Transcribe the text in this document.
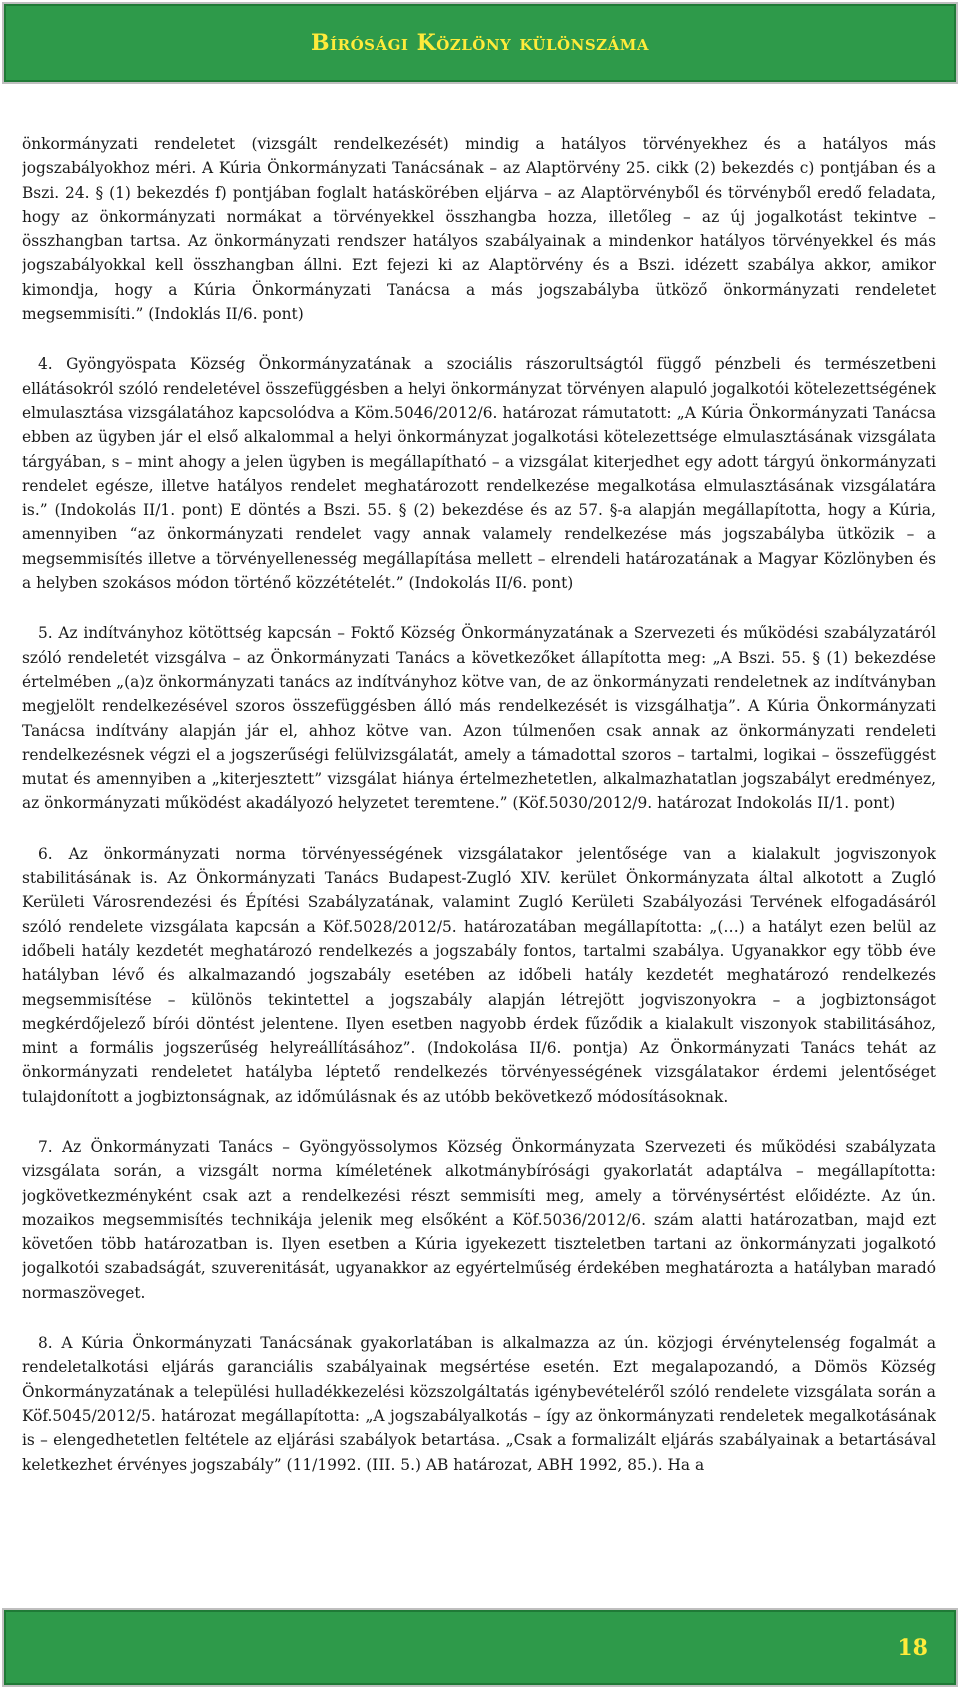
Bírósági Közlöny különszáma

önkormányzati rendeletet (vizsgált rendelkezését) mindig a hatályos törvényekhez és a hatályos más jogszabályokhoz méri. A Kúria Önkormányzati Tanácsának – az Alaptörvény 25. cikk (2) bekezdés c) pontjában és a Bszi. 24. § (1) bekezdés f) pontjában foglalt hatáskörében eljárva – az Alaptörvényből és törvényből eredő feladata, hogy az önkormányzati normákat a törvényekkel összhangba hozza, illetőleg – az új jogalkotást tekintve – összhangban tartsa. Az önkormányzati rendszer hatályos szabályainak a mindenkor hatályos törvényekkel és más jogszabályokkal kell összhangban állni. Ezt fejezi ki az Alaptörvény és a Bszi. idézett szabálya akkor, amikor kimondja, hogy a Kúria Önkormányzati Tanácsa a más jogszabályba ütköző önkormányzati rendeletet megsemmisíti.” (Indoklás II/6. pont)

4. Gyöngyöspata Község Önkormányzatának a szociális rászorultságtól függő pénzbeli és természetbeni ellátásokról szóló rendeletével összefüggésben a helyi önkormányzat törvényen alapuló jogalkotói kötelezettségének elmulasztása vizsgálatához kapcsolódva a Köm.5046/2012/6. határozat rámutatott: „A Kúria Önkormányzati Tanácsa ebben az ügyben jár el első alkalommal a helyi önkormányzat jogalkotási kötelezettsége elmulasztásának vizsgálata tárgyában, s – mint ahogy a jelen ügyben is megállapítható – a vizsgálat kiterjedhet egy adott tárgyú önkormányzati rendelet egésze, illetve hatályos rendelet meghatározott rendelkezése megalkotása elmulasztásának vizsgálatára is.” (Indokolás II/1. pont) E döntés a Bszi. 55. § (2) bekezdése és az 57. §-a alapján megállapította, hogy a Kúria, amennyiben “az önkormányzati rendelet vagy annak valamely rendelkezése más jogszabályba ütközik – a megsemmisítés illetve a törvényellenesség megállapítása mellett – elrendeli határozatának a Magyar Közlönyben és a helyben szokásos módon történő közzétételét.” (Indokolás II/6. pont)

5. Az indítványhoz kötöttség kapcsán – Foktő Község Önkormányzatának a Szervezeti és működési szabályzatáról szóló rendeletét vizsgálva – az Önkormányzati Tanács a következőket állapította meg: „A Bszi. 55. § (1) bekezdése értelmében „(a)z önkormányzati tanács az indítványhoz kötve van, de az önkormányzati rendeletnek az indítványban megjelölt rendelkezésével szoros összefüggésben álló más rendelkezését is vizsgálhatja”. A Kúria Önkormányzati Tanácsa indítvány alapján jár el, ahhoz kötve van. Azon túlmenően csak annak az önkormányzati rendeleti rendelkezésnek végzi el a jogszerűségi felülvizsgálatát, amely a támadottal szoros – tartalmi, logikai – összefüggést mutat és amennyiben a „kiterjesztett” vizsgálat hiánya értelmezhetetlen, alkalmazhatatlan jogszabályt eredményez, az önkormányzati működést akadályozó helyzetet teremtene.” (Köf.5030/2012/9. határozat Indokolás II/1. pont)

6. Az önkormányzati norma törvényességének vizsgálatakor jelentősége van a kialakult jogviszonyok stabilitásának is. Az Önkormányzati Tanács Budapest-Zugló XIV. kerület Önkormányzata által alkotott a Zugló Kerületi Városrendezési és Építési Szabályzatának, valamint Zugló Kerületi Szabályozási Tervének elfogadásáról szóló rendelete vizsgálata kapcsán a Köf.5028/2012/5. határozatában megállapította: „(…) a hatályt ezen belül az időbeli hatály kezdetét meghatározó rendelkezés a jogszabály fontos, tartalmi szabálya. Ugyanakkor egy több éve hatályban lévő és alkalmazandó jogszabály esetében az időbeli hatály kezdetét meghatározó rendelkezés megsemmisítése – különös tekintettel a jogszabály alapján létrejött jogviszonyokra – a jogbiztonságot megkérdőjelező bírói döntést jelentene. Ilyen esetben nagyobb érdek fűződik a kialakult viszonyok stabilitásához, mint a formális jogszerűség helyreállításához”. (Indokolása II/6. pontja) Az Önkormányzati Tanács tehát az önkormányzati rendeletet hatályba léptető rendelkezés törvényességének vizsgálatakor érdemi jelentőséget tulajdonított a jogbiztonságnak, az időmúlásnak és az utóbb bekövetkező módosításoknak.

7. Az Önkormányzati Tanács – Gyöngyössolymos Község Önkormányzata Szervezeti és működési szabályzata vizsgálata során, a vizsgált norma kíméletének alkotmánybírósági gyakorlatát adaptálva – megállapította: jogkövetkezményként csak azt a rendelkezési részt semmisíti meg, amely a törvénysértést előidézte. Az ún. mozaikos megsemmisítés technikája jelenik meg elsőként a Köf.5036/2012/6. szám alatti határozatban, majd ezt követően több határozatban is. Ilyen esetben a Kúria igyekezett tiszteletben tartani az önkormányzati jogalkotó jogalkotói szabadságát, szuverenitását, ugyanakkor az egyértelműség érdekében meghatározta a hatályban maradó normaszöveget.

8. A Kúria Önkormányzati Tanácsának gyakorlatában is alkalmazza az ún. közjogi érvénytelenség fogalmát a rendeletalkotási eljárás garanciális szabályainak megsértése esetén. Ezt megalapozandó, a Dömös Község Önkormányzatának a települési hulladékkezelési közszolgáltatás igénybevételéről szóló rendelete vizsgálata során a Köf.5045/2012/5. határozat megállapította: „A jogszabályalkotás – így az önkormányzati rendeletek megalkotásának is – elengedhetetlen feltétele az eljárási szabályok betartása. „Csak a formalizált eljárás szabályainak a betartásával keletkezhet érvényes jogszabály” (11/1992. (III. 5.) AB határozat, ABH 1992, 85.). Ha a

18
